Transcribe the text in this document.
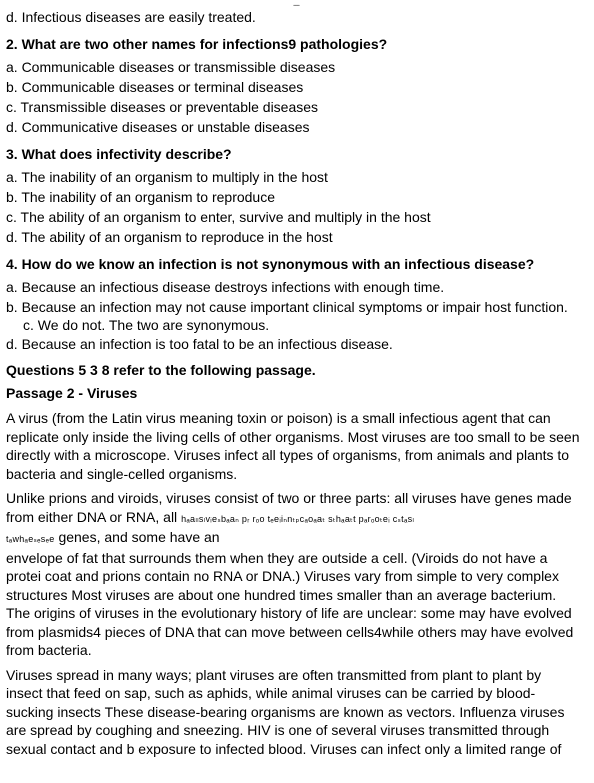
---
d. Infectious diseases are easily treated.
2. What are two other names for infections9 pathologies?
a. Communicable diseases or transmissible diseases
b. Communicable diseases or terminal diseases
c. Transmissible diseases or preventable diseases
d. Communicative diseases or unstable diseases
3. What does infectivity describe?
a. The inability of an organism to multiply in the host
b. The inability of an organism to reproduce
c. The ability of an organism to enter, survive and multiply in the host
d. The ability of an organism to reproduce in the host
4. How do we know an infection is not synonymous with an infectious disease?
a. Because an infectious disease destroys infections with enough time.
b. Because an infection may not cause important clinical symptoms or impair host function.
c. We do not. The two are synonymous.
d. Because an infection is too fatal to be an infectious disease.
Questions 5 3 8 refer to the following passage.
Passage 2 - Viruses
A virus (from the Latin virus meaning toxin or poison) is a small infectious agent that can
replicate only inside the living cells of other organisms. Most viruses are too small to be seen
directly with a microscope. Viruses infect all types of organisms, from animals and plants to
bacteria and single-celled organisms.
Unlike prions and viroids, viruses consist of two or three parts: all viruses have genes made
from either DNA or RNA, all hₐaₗₗsₗvᵢeₛbₐaₙ pᵣ rₒo tₑeᵢiₙnₜₚcₐoₐaₜ sₜhₐaₜt pₐrₒoₜeᵢ cₛtₐsₗ
tₐwhₐeₛₑsₑe genes, and some have an
envelope of fat that surrounds them when they are outside a cell. (Viroids do not have a
protei coat and prions contain no RNA or DNA.) Viruses vary from simple to very complex
structures Most viruses are about one hundred times smaller than an average bacterium.
The origins of viruses in the evolutionary history of life are unclear: some may have evolved
from plasmids4 pieces of DNA that can move between cells4while others may have evolved
from bacteria.
Viruses spread in many ways; plant viruses are often transmitted from plant to plant by
insect that feed on sap, such as aphids, while animal viruses can be carried by blood-
sucking insects These disease-bearing organisms are known as vectors. Influenza viruses
are spread by coughing and sneezing. HIV is one of several viruses transmitted through
sexual contact and b exposure to infected blood. Viruses can infect only a limited range of
